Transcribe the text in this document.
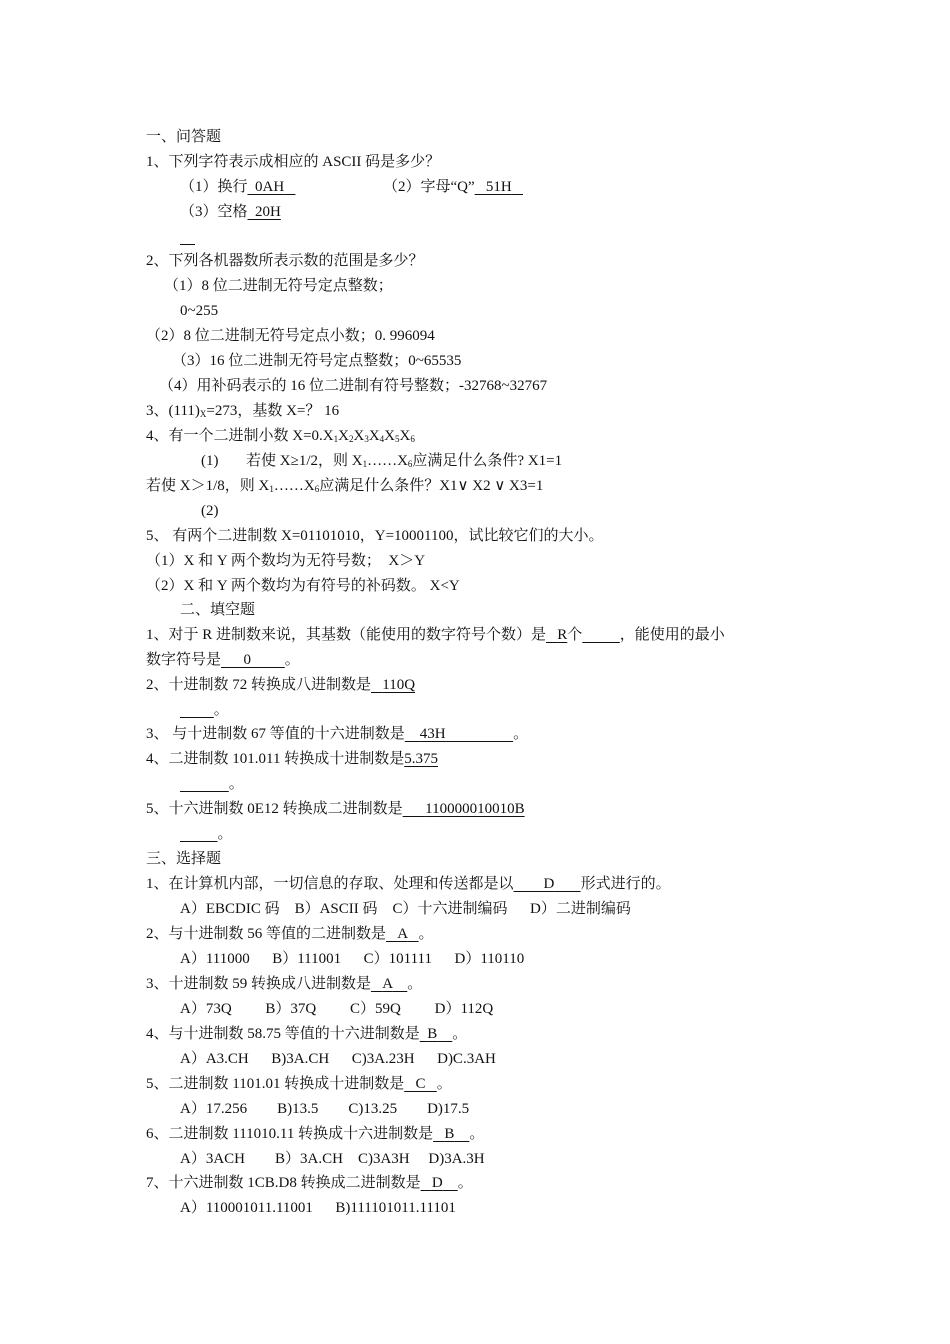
一、问答题
1、下列字符表示成相应的 ASCII 码是多少？
（1）换行 0AH	（2）字母“Q” 51H
（3）空格 20H

2、下列各机器数所表示数的范围是多少？
（1）8 位二进制无符号定点整数；
0~255
（2）8 位二进制无符号定点小数；0. 996094
（3）16 位二进制无符号定点整数；0~65535
（4）用补码表示的 16 位二进制有符号整数；-32768~32767
3、$(111)_X=273$，基数 X=？ 16
4、有一个二进制小数 $X=0.X_1X_2X_3X_4X_5X_6$
(1) 若使 X≥1/2，则 $X_1\dots\dots X_6$应满足什么条件? X1=1
若使 X＞1/8，则 $X_1\dots\dots X_6$应满足什么条件？X1∨ X2 ∨ X3=1
(2)
5、 有两个二进制数 X=01101010，Y=10001100，试比较它们的大小。
（1）X 和 Y 两个数均为无符号数；  X＞Y
（2）X 和 Y 两个数均为有符号的补码数。 X<Y
二、填空题
1、对于 R 进制数来说，其基数（能使用的数字符号个数）是 R个	，能使用的最小
数字符号是 0 。
2、十进制数 72 转换成八进制数是 110Q
。
3、 与十进制数 67 等值的十六进制数是 43H	。
4、二进制数 101.011 转换成十进制数是5.375
。
5、十六进制数 0E12 转换成二进制数是 110000010010B
。
三、选择题
1、在计算机内部，一切信息的存取、处理和传送都是以 D 形式进行的。
A）EBCDIC 码 B）ASCII 码 C）十六进制编码 D）二进制编码
2、与十进制数 56 等值的二进制数是 A 。
A）111000 B）111001 C）101111 D）110110
3、十进制数 59 转换成八进制数是 A 。
A）73Q B）37Q C）59Q D）112Q
4、与十进制数 58.75 等值的十六进制数是 B 。
A）A3.CH B)3A.CH C)3A.23H D)C.3AH
5、二进制数 1101.01 转换成十进制数是 C 。
A）17.256 B)13.5 C)13.25 D)17.5
6、二进制数 111010.11 转换成十六进制数是 B 。
A）3ACH B）3A.CH C)3A3H D)3A.3H
7、十六进制数 1CB.D8 转换成二进制数是 D 。
A）110001011.11001 B)111101011.11101
